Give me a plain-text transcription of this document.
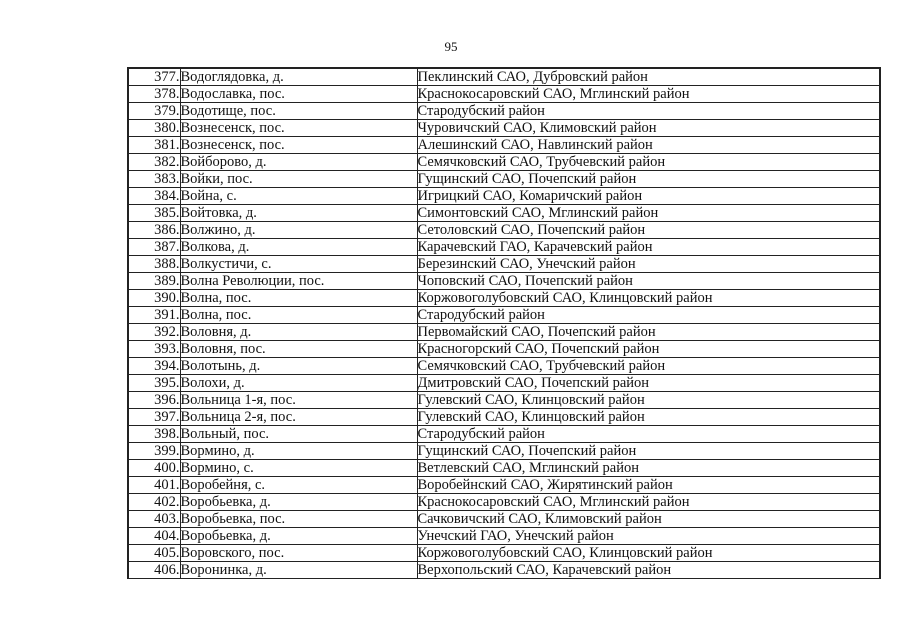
95
377.	Водоглядовка, д.	Пеклинский САО, Дубровский район
378.	Водославка, пос.	Краснокосаровский САО, Мглинский район
379.	Водотище, пос.	Стародубский район
380.	Вознесенск, пос.	Чуровичский САО, Климовский район
381.	Вознесенск, пос.	Алешинский САО, Навлинский район
382.	Войборово, д.	Семячковский САО, Трубчевский район
383.	Войки, пос.	Гущинский САО, Почепский район
384.	Война, с.	Игрицкий САО, Комаричский район
385.	Войтовка, д.	Симонтовский САО, Мглинский район
386.	Волжино, д.	Сетоловский САО, Почепский район
387.	Волкова, д.	Карачевский ГАО, Карачевский район
388.	Волкустичи, с.	Березинский САО, Унечский район
389.	Волна Революции, пос.	Чоповский САО, Почепский район
390.	Волна, пос.	Коржовоголубовский САО, Клинцовский район
391.	Волна, пос.	Стародубский район
392.	Воловня, д.	Первомайский САО, Почепский район
393.	Воловня, пос.	Красногорский САО, Почепский район
394.	Волотынь, д.	Семячковский САО, Трубчевский район
395.	Волохи, д.	Дмитровский САО, Почепский район
396.	Вольница 1-я, пос.	Гулевский САО, Клинцовский район
397.	Вольница 2-я, пос.	Гулевский САО, Клинцовский район
398.	Вольный, пос.	Стародубский район
399.	Вормино, д.	Гущинский САО, Почепский район
400.	Вормино, с.	Ветлевский САО, Мглинский район
401.	Воробейня, с.	Воробейнский САО, Жирятинский район
402.	Воробьевка, д.	Краснокосаровский САО, Мглинский район
403.	Воробьевка, пос.	Сачковичский САО, Климовский район
404.	Воробьевка, д.	Унечский ГАО, Унечский район
405.	Воровского, пос.	Коржовоголубовский САО, Клинцовский район
406.	Воронинка, д.	Верхопольский САО, Карачевский район
